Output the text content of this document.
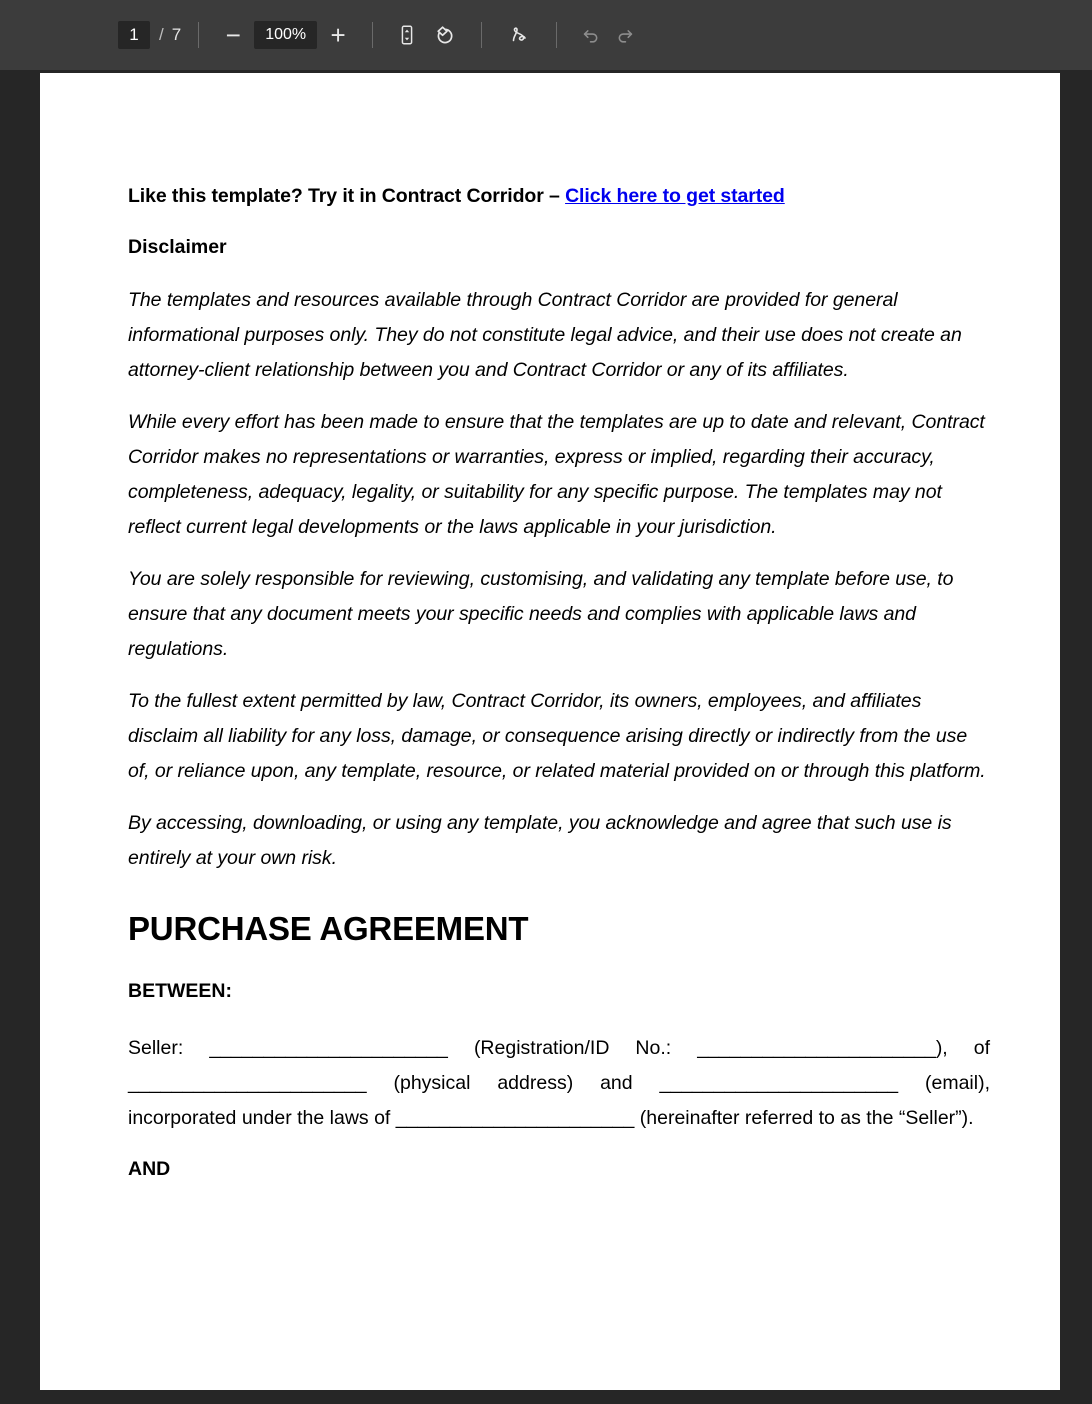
1
/ 7	−	100% +

Like this template? Try it in Contract Corridor – Click here to get started

Disclaimer

The templates and resources available through Contract Corridor are provided for general informational purposes only. They do not constitute legal advice, and their use does not create an attorney-client relationship between you and Contract Corridor or any of its affiliates.

While every effort has been made to ensure that the templates are up to date and relevant, Contract Corridor makes no representations or warranties, express or implied, regarding their accuracy, completeness, adequacy, legality, or suitability for any specific purpose. The templates may not reflect current legal developments or the laws applicable in your jurisdiction.

You are solely responsible for reviewing, customising, and validating any template before use, to ensure that any document meets your specific needs and complies with applicable laws and regulations.

To the fullest extent permitted by law, Contract Corridor, its owners, employees, and affiliates disclaim all liability for any loss, damage, or consequence arising directly or indirectly from the use of, or reliance upon, any template, resource, or related material provided on or through this platform.

By accessing, downloading, or using any template, you acknowledge and agree that such use is entirely at your own risk.

PURCHASE AGREEMENT

BETWEEN:

Seller: ______________________ (Registration/ID No.: ______________________), of ______________________ (physical address) and ______________________ (email), incorporated under the laws of ______________________ (hereinafter referred to as the “Seller”).

AND
